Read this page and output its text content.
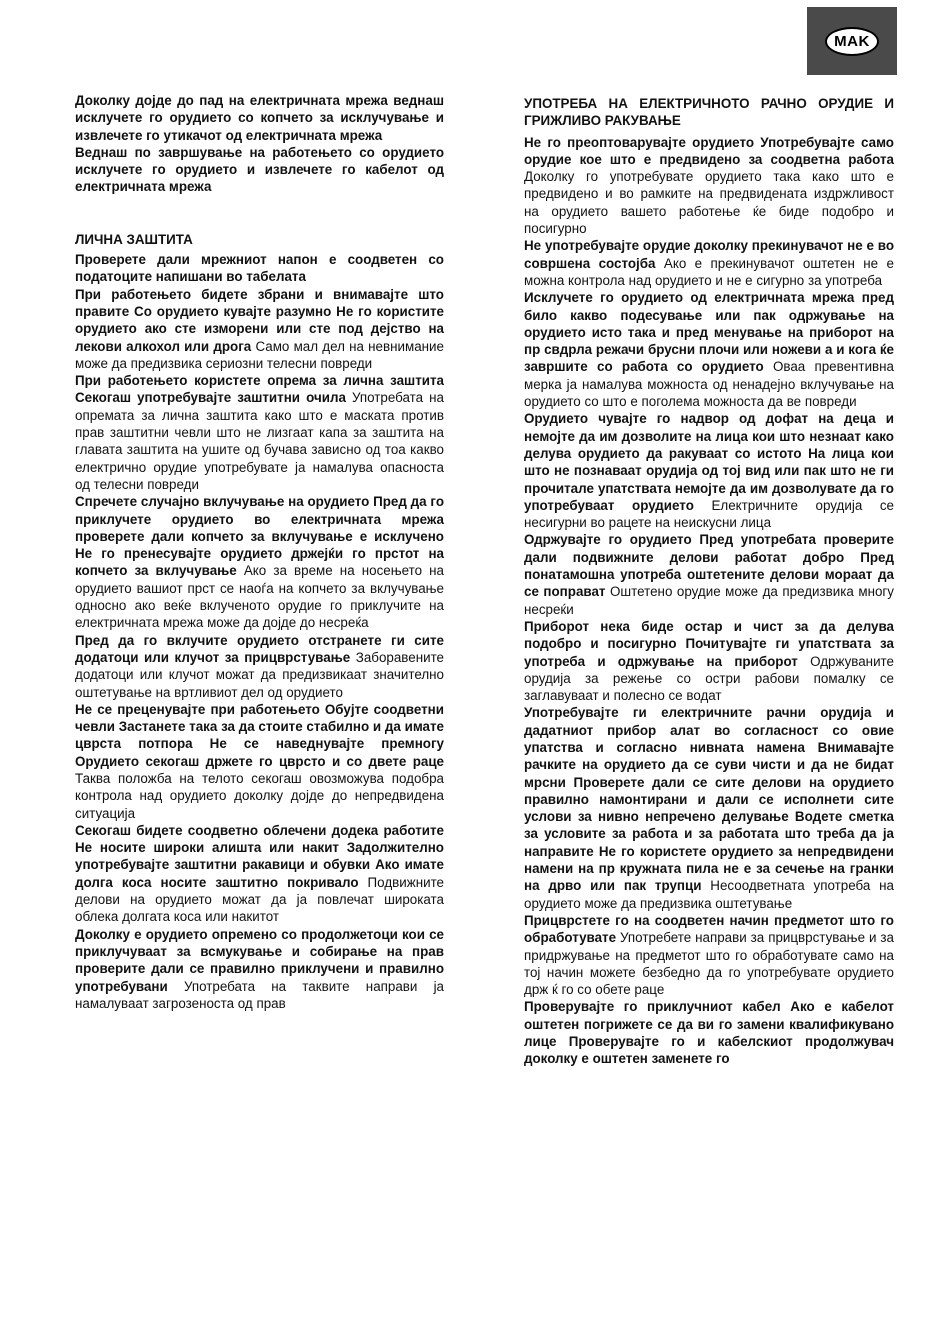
MAK

Доколку дојде до пад на електричната мрежа веднаш исклучете го орудието со копчето за исклучување и извлечете го утикачот од електричната мрежа

Веднаш по завршување на работењето со орудието исклучете го орудието и извлечете го кабелот од електричната мрежа

ЛИЧНА ЗАШТИТА

Проверете дали мрежниот напон е соодветен со податоците напишани во табелата

При работењето бидете збрани и внимавајте што правите Со орудието кувајте разумно Не го користите орудието ако сте изморени или сте под дејство на лекови алкохол или дрога Само мал дел на невнимание може да предизвика сериозни телесни повреди

При работењето користете опрема за лична заштита Секогаш употребувајте заштитни очила Употребата на опремата за лична заштита како што е маската против прав заштитни чевли што не лизгаат капа за заштита на главата заштита на ушите од бучава зависно од тоа какво електрично орудие употребувате ја намалува опасноста од телесни повреди

Спречете случајно вклучување на орудието Пред да го приклучете орудието во електричната мрежа проверете дали копчето за вклучување е исклучено Не го пренесувајте орудието држејќи го прстот на копчето за вклучување Ако за време на носењето на орудието вашиот прст се наоѓа на копчето за вклучување односно ако веќе вклученото орудие го приклучите на електричната мрежа може да дојде до несреќа

Пред да го вклучите орудието отстранете ги сите додатоци или клучот за прицврстување Заборавените додатоци или клучот можат да предизвикаат значително оштетување на вртливиот дел од орудието

Не се преценувајте при работењето Обујте соодветни чевли Застанете така за да стоите стабилно и да имате цврста потпора Не се наведнувајте премногу Орудието секогаш држете го цврсто и со двете раце Таква положба на телото секогаш овозможува подобра контрола над орудието доколку дојде до непредвидена ситуација

Секогаш бидете соодветно облечени додека работите Не носите широки алишта или накит Задолжително употребувајте заштитни ракавици и обувки Ако имате долга коса носите заштитно покривало Подвижните делови на орудието можат да ја повлечат широката облека долгата коса или накитот

Доколку е орудието опремено со продолжетоци кои се приклучуваат за всмукување и собирање на прав проверите дали се правилно приклучени и правилно употребувани Употребата на таквите направи ја намалуваат загрозеноста од прав

УПОТРЕБА НА ЕЛЕКТРИЧНОТО РАЧНО ОРУДИЕ И ГРИЖЛИВО РАКУВАЊЕ

Не го преоптоварувајте орудието Употребувајте само орудие кое што е предвидено за соодветна работа Доколку го употребувате орудието така како што е предвидено и во рамките на предвидената издржливост на орудието вашето работење ќе биде подобро и посигурно

Не употребувајте орудие доколку прекинувачот не е во совршена состојба Ако е прекинувачот оштетен не е можна контрола над орудието и не е сигурно за употреба

Исклучете го орудието од електричната мрежа пред било какво подесување или пак одржување на орудието исто така и пред менување на приборот на пр свдрла режачи брусни плочи или ножеви а и кога ќе завршите со работа со орудието Оваа превентивна мерка ја намалува можноста од ненадејно вклучување на орудието со што е поголема можноста да ве повреди

Орудието чувајте го надвор од дофат на деца и немојте да им дозволите на лица кои што незнаат како делува орудието да ракуваат со истото На лица кои што не познаваат орудија од тој вид или пак што не ги прочитале упатствата немојте да им дозволувате да го употребуваат орудието Електричните орудија се несигурни во рацете на неискусни лица

Одржувајте го орудието Пред употребата проверите дали подвижните делови работат добро Пред понатамошна употреба оштетените делови мораат да се поправат Оштетено орудие може да предизвика многу несреќи

Приборот нека биде остар и чист за да делува подобро и посигурно Почитувајте ги упатствата за употреба и одржување на приборот Одржуваните орудија за режење со остри рабови помалку се заглавуваат и полесно се водат

Употребувајте ги електричните рачни орудија и дадатниот прибор алат во согласност со овие упатства и согласно нивната намена Внимавајте рачките на орудието да се суви чисти и да не бидат мрсни Проверете дали се сите делови на орудието правилно намонтирани и дали се исполнети сите услови за нивно непречено делување Водете сметка за условите за работа и за работата што треба да ја направите Не го користете орудието за непредвидени намени на пр кружната пила не е за сечење на гранки на дрво или пак трупци Несоодветната употреба на орудието може да предизвика оштетување

Прицврстете го на соодветен начин предметот што го обработувате Употребете направи за прицврстување и за придржување на предметот што го обработувате само на тој начин можете безбедно да го употребувате орудието држ ќ го со обете раце

Проверувајте го приклучниот кабел Ако е кабелот оштетен погрижете се да ви го замени квалификувано лице Проверувајте го и кабелскиот продолжувач доколку е оштетен заменете го
